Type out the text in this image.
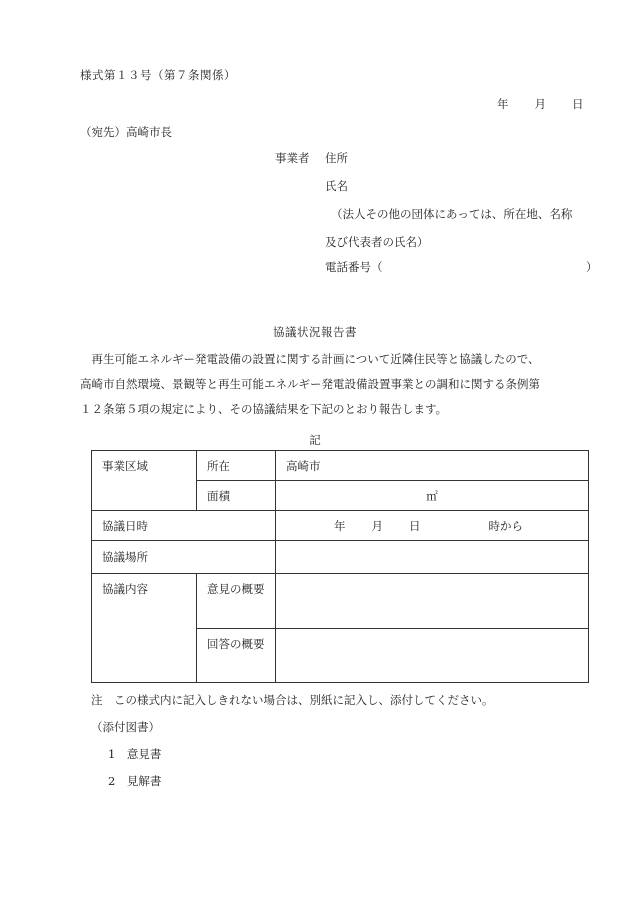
様式第１３号（第７条関係）
年 月 日
（宛先）高崎市長
事業者 住所
氏名
（法人その他の団体にあっては、所在地、名称
及び代表者の氏名）
電話番号（	）
協議状況報告書

　再生可能エネルギー発電設備の設置に関する計画について近隣住民等と協議したので、

高崎市自然環境、景観等と再生可能エネルギー発電設備設置事業との調和に関する条例第

１２条第５項の規定により、その協議結果を下記のとおり報告します。

記
事業区域	所在	高崎市
	面積	㎡
協議日時		年 月 日 時から
協議場所		
協議内容	意見の概要	
	回答の概要	
注　この様式内に記入しきれない場合は、別紙に記入し、添付してください。
（添付図書）
1　意見書
2　見解書
